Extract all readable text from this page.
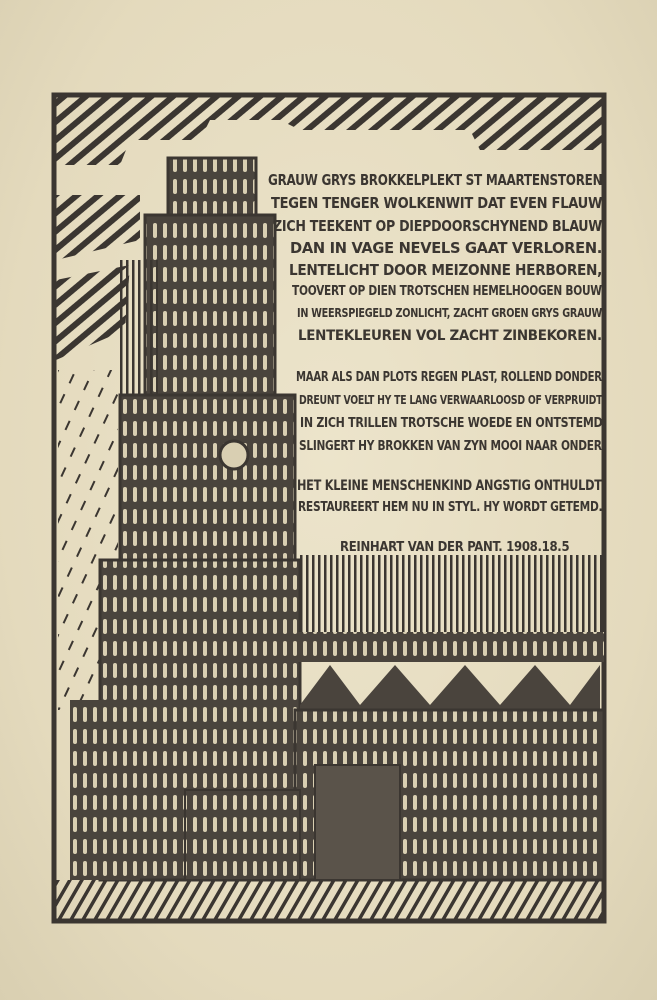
GRAUW GRYS BROKKELPLEKT ST MAARTENSTOREN
TEGEN TENGER WOLKENWIT DAT EVEN FLAUW
ZICH TEEKENT OP DIEPDOORSCHYNEND BLAUW
DAN IN VAGE NEVELS GAAT VERLOREN.
LENTELICHT DOOR MEIZONNE HERBOREN,
TOOVERT OP DIEN TROTSCHEN HEMELHOOGEN BOUW
IN WEERSPIEGELD ZONLICHT, ZACHT GROEN GRYS GRAUW
LENTEKLEUREN VOL ZACHT ZINBEKOREN.
MAAR ALS DAN PLOTS REGEN PLAST, ROLLEND DONDER
DREUNT VOELT HY TE LANG VERWAARLOOSD OF VERPRUIDT
IN ZICH TRILLEN TROTSCHE WOEDE EN ONTSTEMD
SLINGERT HY BROKKEN VAN ZYN MOOI NAAR ONDER
HET KLEINE MENSCHENKIND ANGSTIG ONTHULDT
RESTAUREERT HEM NU IN STYL. HY WORDT GETEMD.
REINHART VAN DER PANT. 1908.18.5
